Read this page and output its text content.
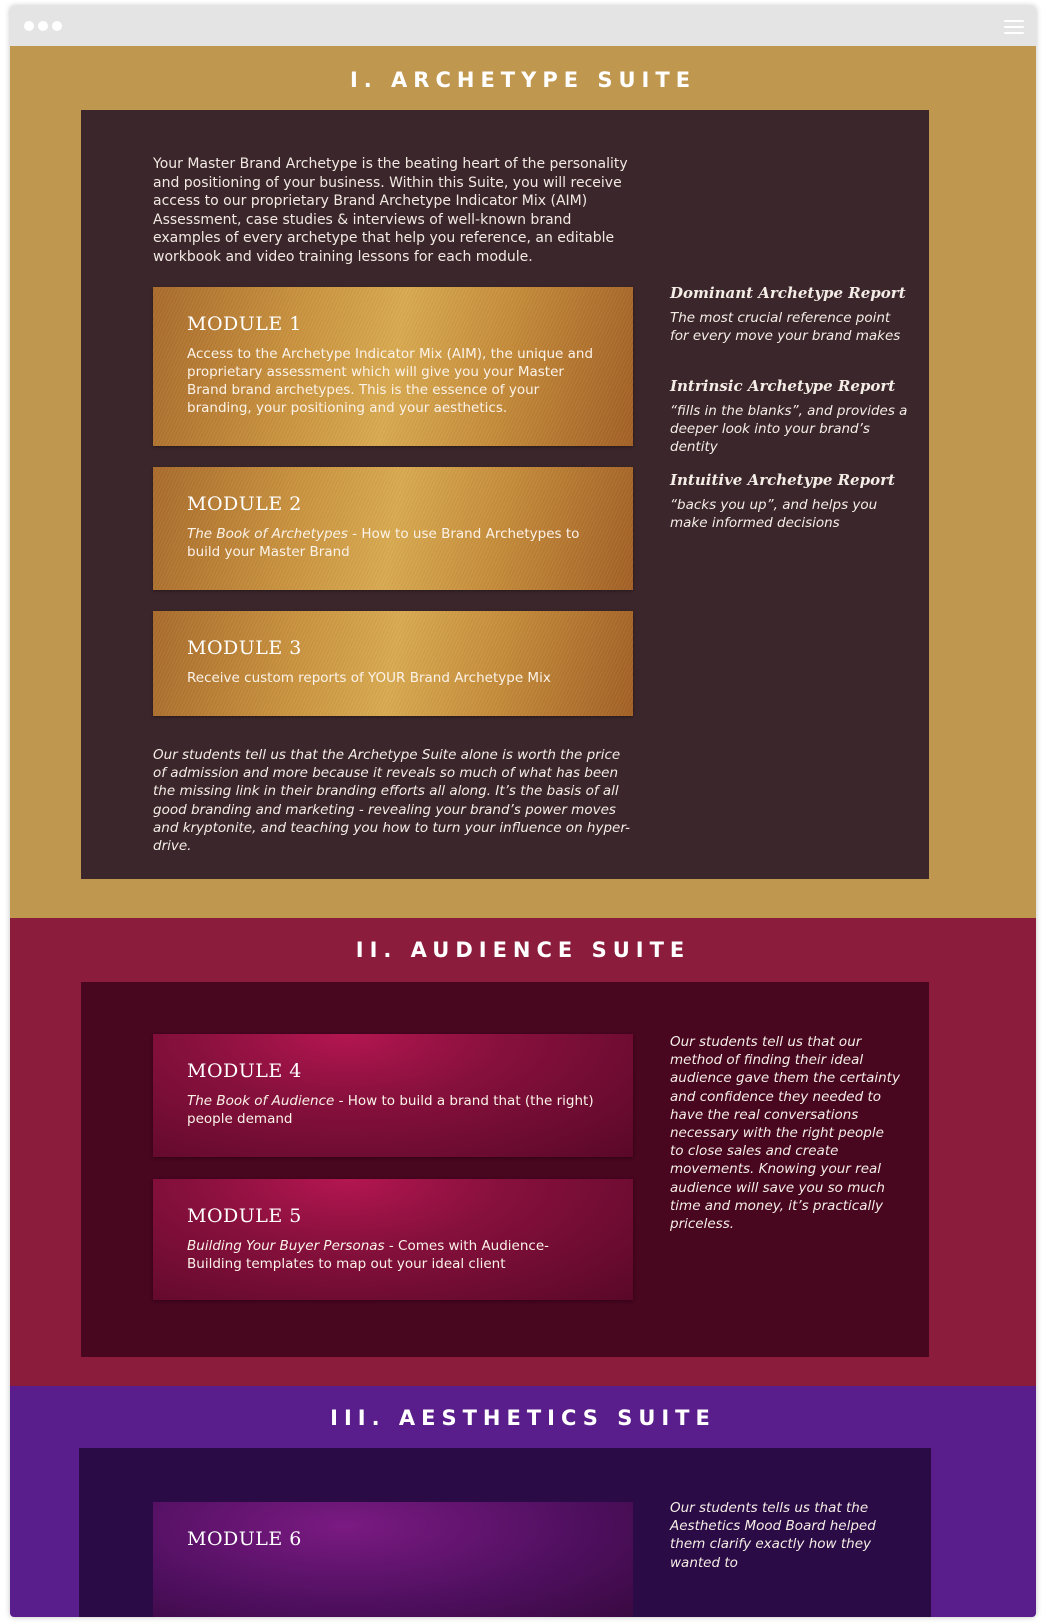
I. ARCHETYPE SUITE

Your Master Brand Archetype is the beating heart of the personality and positioning of your business. Within this Suite, you will receive access to our proprietary Brand Archetype Indicator Mix (AIM) Assessment, case studies & interviews of well-known brand examples of every archetype that help you reference, an editable workbook and video training lessons for each module.

MODULE 1

Access to the Archetype Indicator Mix (AIM), the unique and proprietary assessment which will give you your Master Brand brand archetypes. This is the essence of your branding, your positioning and your aesthetics.

MODULE 2

The Book of Archetypes - How to use Brand Archetypes to build your Master Brand

MODULE 3

Receive custom reports of YOUR Brand Archetype Mix

Dominant Archetype Report

The most crucial reference point for every move your brand makes

Intrinsic Archetype Report

“fills in the blanks”, and provides a deeper look into your brand’s dentity

Intuitive Archetype Report

“backs you up”, and helps you make informed decisions

Our students tell us that the Archetype Suite alone is worth the price of admission and more because it reveals so much of what has been the missing link in their branding efforts all along. It’s the basis of all good branding and marketing - revealing your brand’s power moves and kryptonite, and teaching you how to turn your influence on hyper-drive.

II. AUDIENCE SUITE
MODULE 4

The Book of Audience - How to build a brand that (the right) people demand

MODULE 5

Building Your Buyer Personas - Comes with Audience-Building templates to map out your ideal client

Our students tell us that our method of finding their ideal audience gave them the certainty and confidence they needed to have the real conversations necessary with the right people to close sales and create movements. Knowing your real audience will save you so much time and money, it’s practically priceless.

III. AESTHETICS SUITE
MODULE 6

Our students tells us that the Aesthetics Mood Board helped them clarify exactly how they wanted to
